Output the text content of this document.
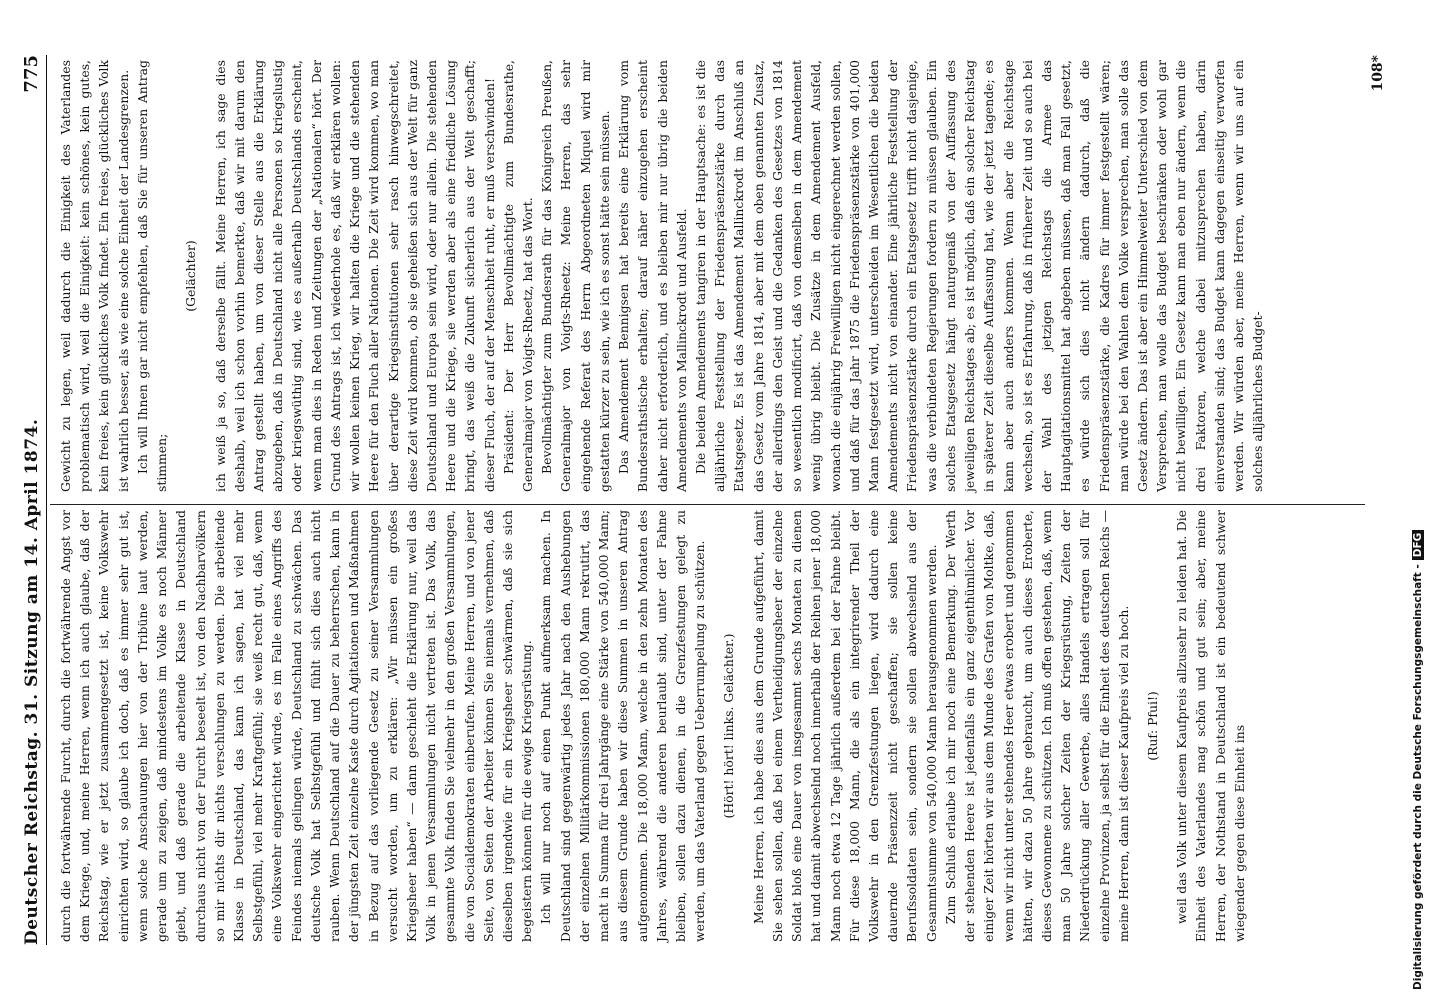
Deutscher Reichstag. 31. Sitzung am 14. April 1874.
775

durch die fortwährende Furcht, durch die fortwährende Angst vor dem Kriege, und, meine Herren, wenn ich auch glaube, daß der Reichstag, wie er jetzt zusammengesetzt ist, keine Volkswehr einrichten wird, so glaube ich doch, daß es immer sehr gut ist, wenn solche Anschauungen hier von der Tribüne laut werden, gerade um zu zeigen, daß mindestens im Volke es noch Männer giebt, und daß gerade die arbeitende Klasse in Deutschland durchaus nicht von der Furcht beseelt ist, von den Nachbarvölkern so mir nichts dir nichts verschlungen zu werden. Die arbeitende Klasse in Deutschland, das kann ich sagen, hat viel mehr Selbstgefühl, viel mehr Kraftgefühl; sie weiß recht gut, daß, wenn eine Volkswehr eingerichtet würde, es im Falle eines Angriffs des Feindes niemals gelingen würde, Deutschland zu schwächen. Das deutsche Volk hat Selbstgefühl und fühlt sich dies auch nicht rauben. Wenn Deutschland auf die Dauer zu beherrschen, kann in der jüngsten Zeit einzelne Kaste durch Agitationen und Maßnahmen in Bezug auf das vorliegende Gesetz zu seiner Versammlungen versucht worden, um zu erklären: „Wir müssen ein großes Kriegsheer haben“ — dann geschieht die Erklärung nur, weil das Volk in jenen Versammlungen nicht vertreten ist. Das Volk, das gesammte Volk finden Sie vielmehr in den großen Versammlungen, die von Socialdemokraten einberufen. Meine Herren, und von jener Seite, von Seiten der Arbeiter können Sie niemals vernehmen, daß dieselben irgendwie für ein Kriegsheer schwärmen, daß sie sich begeistern können für die ewige Kriegsrüstung. Ich will nur noch auf einen Punkt aufmerksam machen. In Deutschland sind gegenwärtig jedes Jahr nach den Aushebungen der einzelnen Militärkommissionen 180,000 Mann rekrutirt, das macht in Summa für drei Jahrgänge eine Stärke von 540,000 Mann; aus diesem Grunde haben wir diese Summen in unseren Antrag aufgenommen. Die 18,000 Mann, welche in den zehn Monaten des Jahres, während die anderen beurlaubt sind, unter der Fahne bleiben, sollen dazu dienen, in die Grenzfestungen gelegt zu werden, um das Vaterland gegen Ueberrumpelung zu schützen. (Hört! hört! links. Gelächter.) Meine Herren, ich habe dies aus dem Grunde aufgeführt, damit Sie sehen sollen, daß bei einem Vertheidigungsheer der einzelne Soldat bloß eine Dauer von insgesammt sechs Monaten zu dienen hat und damit abwechselnd noch innerhalb der Reihen jener 18,000 Mann noch etwa 12 Tage jährlich außerdem bei der Fahne bleibt. Für diese 18,000 Mann, die als ein integrirender Theil der Volkswehr in den Grenzfestungen liegen, wird dadurch eine dauernde Präsenzzeit nicht geschaffen; sie sollen keine Berufssoldaten sein, sondern sie sollen abwechselnd aus der Gesammtsumme von 540,000 Mann herausgenommen werden. Zum Schluß erlaube ich mir noch eine Bemerkung. Der Werth der stehenden Heere ist jedenfalls ein ganz eigenthümlicher. Vor einiger Zeit hörten wir aus dem Munde des Grafen von Moltke, daß, wenn wir nicht unter stehendes Heer etwas erobert und genommen hätten, wir dazu 50 Jahre gebraucht, um auch dieses Eroberte, dieses Gewonnene zu schützen. Ich muß offen gestehen, daß, wenn man 50 Jahre solcher Zeiten der Kriegsrüstung, Zeiten der Niederdrückung aller Gewerbe, alles Handels ertragen soll für einzelne Provinzen, ja selbst für die Einheit des deutschen Reichs — meine Herren, dann ist dieser Kaufpreis viel zu hoch. (Ruf: Pfui!) weil das Volk unter diesem Kaufpreis allzusehr zu leiden hat. Die Einheit des Vaterlandes mag schön und gut sein; aber, meine Herren, der Nothstand in Deutschland ist ein bedeutend schwer wiegender gegen diese Einheit ins

Gewicht zu legen, weil dadurch die Einigkeit des Vaterlandes problematisch wird, weil die Einigkeit: kein schönes, kein gutes, kein freies, kein glückliches Volk findet. Ein freies, glückliches Volk ist wahrlich besser, als wie eine solche Einheit der Landesgrenzen. Ich will Ihnen gar nicht empfehlen, daß Sie für unseren Antrag stimmen;

(Gelächter) ich weiß ja so, daß derselbe fällt. Meine Herren, ich sage dies deshalb, weil ich schon vorhin bemerkte, daß wir mit darum den Antrag gestellt haben, um von dieser Stelle aus die Erklärung abzugeben, daß in Deutschland nicht alle Personen so kriegslustig oder kriegswüthig sind, wie es außerhalb Deutschlands erscheint, wenn man dies in Reden und Zeitungen der „Nationalen“ hört. Der Grund des Antrags ist, ich wiederhole es, daß wir erklären wollen: wir wollen keinen Krieg, wir halten die Kriege und die stehenden Heere für den Fluch aller Nationen. Die Zeit wird kommen, wo man über derartige Kriegsinstitutionen sehr rasch hinwegschreitet, diese Zeit wird kommen, ob sie geheißen sich aus der Welt für ganz Deutschland und Europa sein wird, oder nur allein. Die stehenden Heere und die Kriege, sie werden aber als eine friedliche Lösung bringt, das weiß die Zukunft sicherlich aus der Welt geschafft; dieser Fluch, der auf der Menschheit ruht, er muß verschwinden! Präsident: Der Herr Bevollmächtigte zum Bundesrathe, Generalmajor von Voigts-Rheetz, hat das Wort. Bevollmächtigter zum Bundesrath für das Königreich Preußen, Generalmajor von Voigts-Rheetz: Meine Herren, das sehr eingehende Referat des Herrn Abgeordneten Miquel wird mir gestatten kürzer zu sein, wie ich es sonst hätte sein müssen. Das Amendement Bennigsen hat bereits eine Erklärung vom Bundesrathstische erhalten; darauf näher einzugehen erscheint daher nicht erforderlich, und es bleiben mir nur übrig die beiden Amendements von Mallinckrodt und Ausfeld. Die beiden Amendements tangiren in der Hauptsache: es ist die alljährliche Feststellung der Friedenspräsenzstärke durch das Etatsgesetz. Es ist das Amendement Mallinckrodt im Anschluß an das Gesetz vom Jahre 1814, aber mit dem oben genannten Zusatz, der allerdings den Geist und die Gedanken des Gesetzes von 1814 so wesentlich modificirt, daß von demselben in dem Amendement wenig übrig bleibt. Die Zusätze in dem Amendement Ausfeld, wonach die einjährig Freiwilligen nicht eingerechnet werden sollen, und daß für das Jahr 1875 die Friedenspräsenzstärke von 401,000 Mann festgesetzt wird, unterscheiden im Wesentlichen die beiden Amendements nicht von einander. Eine jährliche Feststellung der Friedenspräsenzstärke durch ein Etatsgesetz trifft nicht dasjenige, was die verbündeten Regierungen fordern zu müssen glauben. Ein solches Etatsgesetz hängt naturgemäß von der Auffassung des jeweiligen Reichstages ab; es ist möglich, daß ein solcher Reichstag in späterer Zeit dieselbe Auffassung hat, wie der jetzt tagende; es kann aber auch anders kommen. Wenn aber die Reichstage wechseln, so ist es Erfahrung, daß in früherer Zeit und so auch bei der Wahl des jetzigen Reichstags die Armee das Hauptagitationsmittel hat abgeben müssen, daß man Fall gesetzt, es würde sich dies nicht ändern dadurch, daß die Friedenspräsenzstärke, die Kadres für immer festgestellt wären; man würde bei den Wahlen dem Volke versprechen, man solle das Gesetz ändern. Das ist aber ein Himmelweiter Unterschied von dem Versprechen, man wolle das Budget beschränken oder wohl gar nicht bewilligen. Ein Gesetz kann man eben nur ändern, wenn die drei Faktoren, welche dabei mitzusprechen haben, darin einverstanden sind; das Budget kann dagegen einseitig verworfen werden. Wir würden aber, meine Herren, wenn wir uns auf ein solches alljährliches Budget-

108*
Digitalisierung gefördert durch die Deutsche Forschungsgemeinschaft -DFG
